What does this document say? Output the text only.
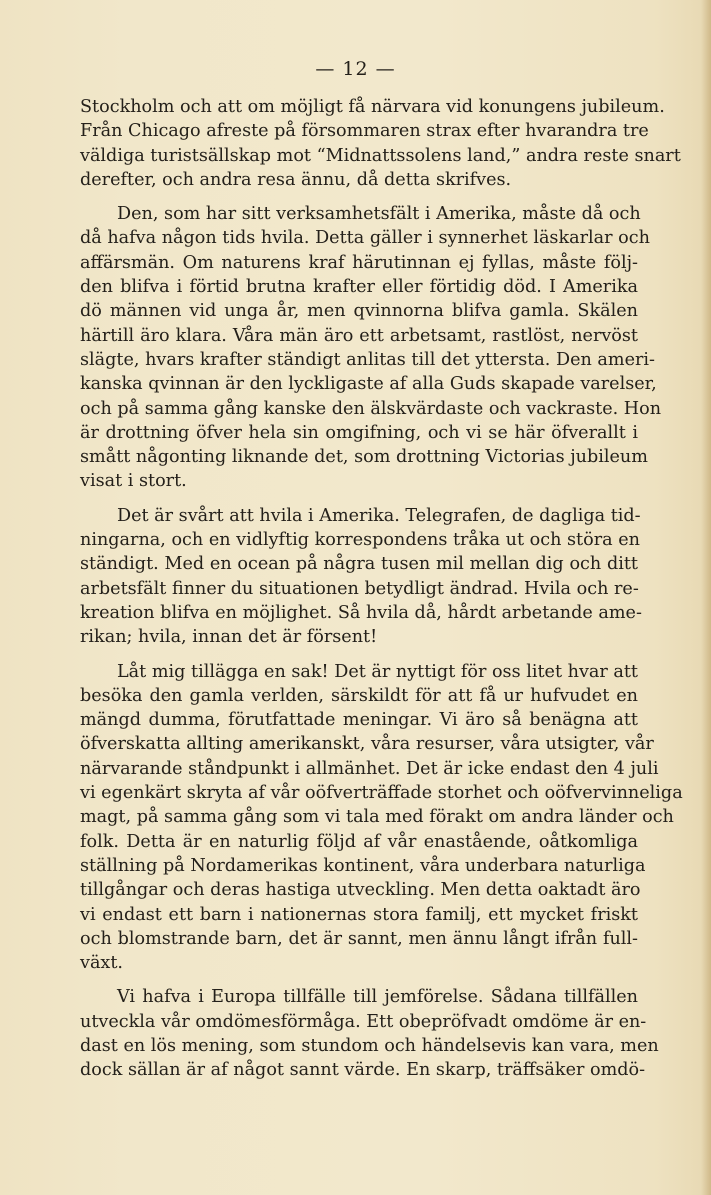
— 12 —
Stockholm och att om möjligt få närvara vid konungens jubileum.
Från Chicago afreste på försommaren strax efter hvarandra tre
väldiga turistsällskap mot “Midnattssolens land,” andra reste snart
derefter, och andra resa ännu, då detta skrifves.
Den, som har sitt verksamhetsfält i Amerika, måste då och
då hafva någon tids hvila. Detta gäller i synnerhet läskarlar och
affärsmän. Om naturens kraf härutinnan ej fyllas, måste följ-
den blifva i förtid brutna krafter eller förtidig död. I Amerika
dö männen vid unga år, men qvinnorna blifva gamla. Skälen
härtill äro klara. Våra män äro ett arbetsamt, rastlöst, nervöst
slägte, hvars krafter ständigt anlitas till det yttersta. Den ameri-
kanska qvinnan är den lyckligaste af alla Guds skapade varelser,
och på samma gång kanske den älskvärdaste och vackraste. Hon
är drottning öfver hela sin omgifning, och vi se här öfverallt i
smått någonting liknande det, som drottning Victorias jubileum
visat i stort.
Det är svårt att hvila i Amerika. Telegrafen, de dagliga tid-
ningarna, och en vidlyftig korrespondens tråka ut och störa en
ständigt. Med en ocean på några tusen mil mellan dig och ditt
arbetsfält finner du situationen betydligt ändrad. Hvila och re-
kreation blifva en möjlighet. Så hvila då, hårdt arbetande ame-
rikan; hvila, innan det är försent!
Låt mig tillägga en sak! Det är nyttigt för oss litet hvar att
besöka den gamla verlden, särskildt för att få ur hufvudet en
mängd dumma, förutfattade meningar. Vi äro så benägna att
öfverskatta allting amerikanskt, våra resurser, våra utsigter, vår
närvarande ståndpunkt i allmänhet. Det är icke endast den 4 juli
vi egenkärt skryta af vår oöfverträffade storhet och oöfvervinneliga
magt, på samma gång som vi tala med förakt om andra länder och
folk. Detta är en naturlig följd af vår enastående, oåtkomliga
ställning på Nordamerikas kontinent, våra underbara naturliga
tillgångar och deras hastiga utveckling. Men detta oaktadt äro
vi endast ett barn i nationernas stora familj, ett mycket friskt
och blomstrande barn, det är sannt, men ännu långt ifrån full-
växt.
Vi hafva i Europa tillfälle till jemförelse. Sådana tillfällen
utveckla vår omdömesförmåga. Ett obepröfvadt omdöme är en-
dast en lös mening, som stundom och händelsevis kan vara, men
dock sällan är af något sannt värde. En skarp, träffsäker omdö-
